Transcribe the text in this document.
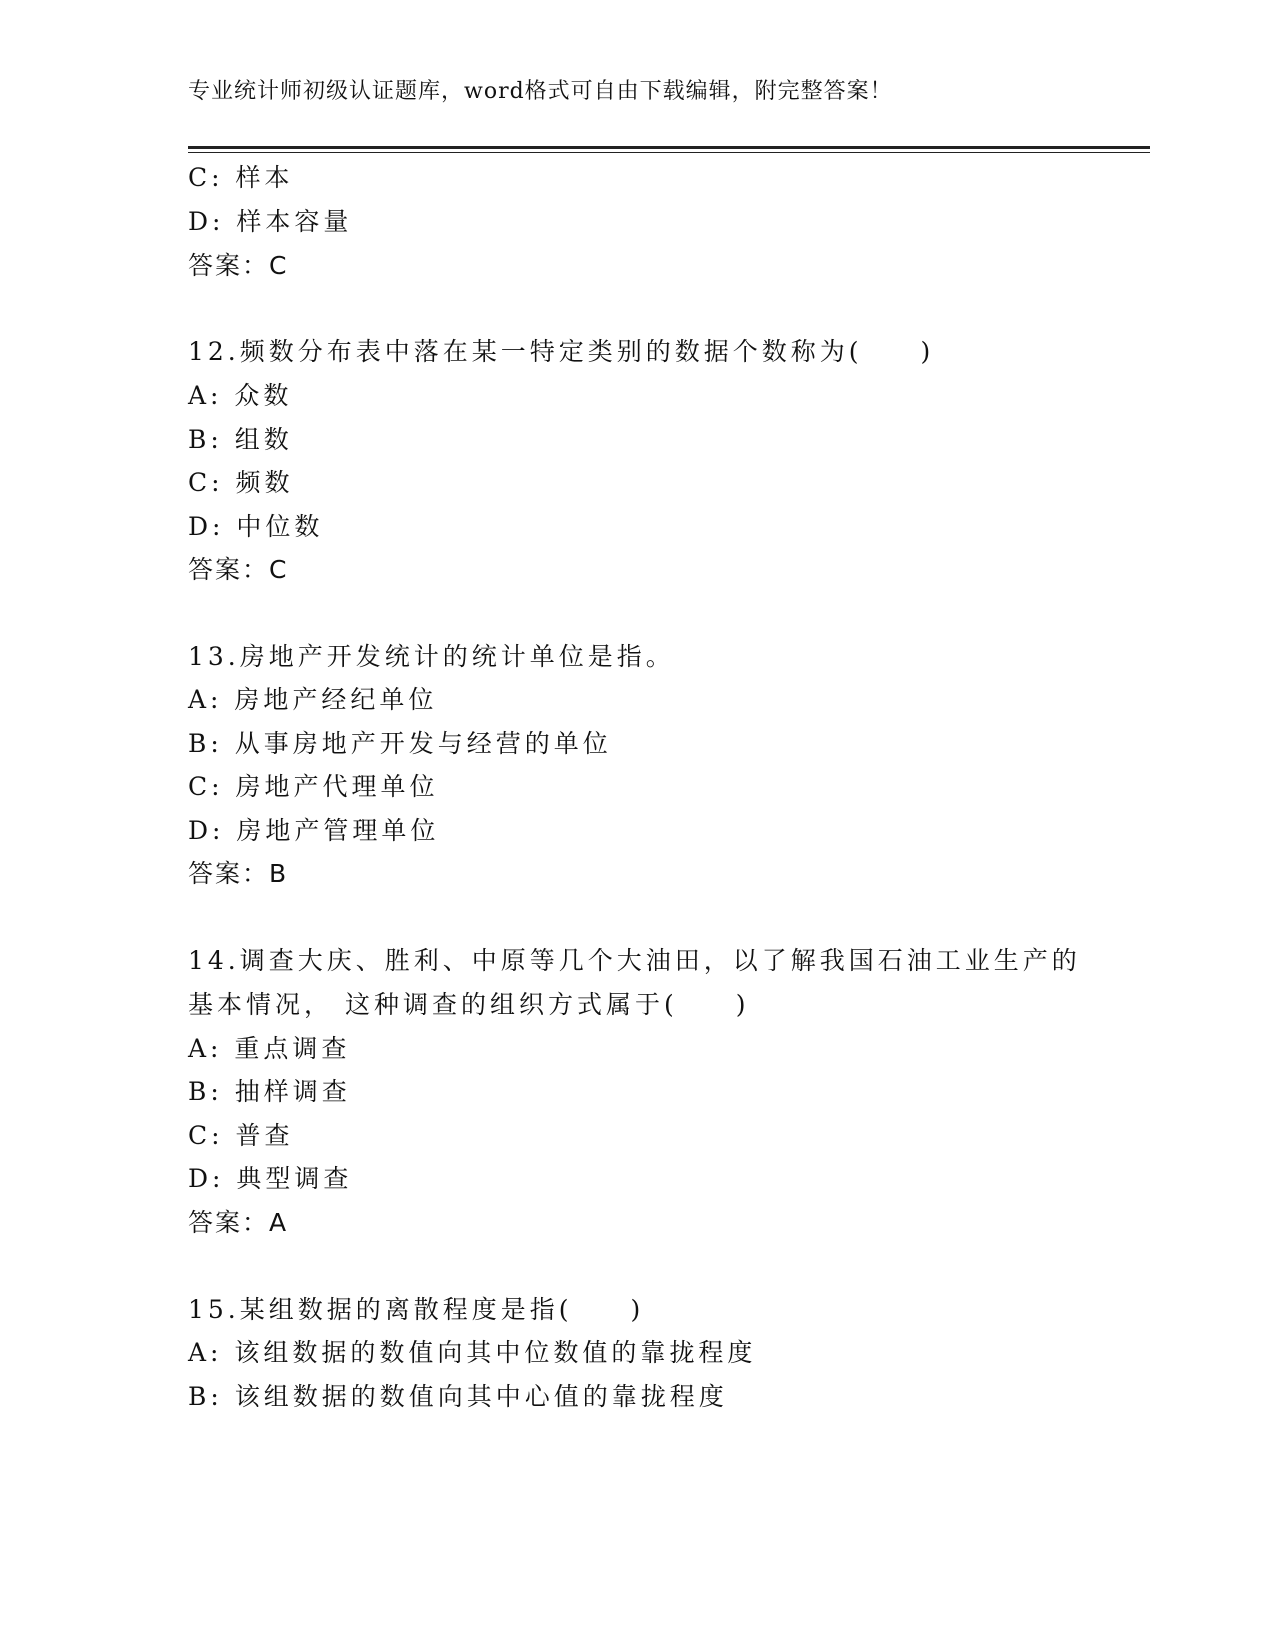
专业统计师初级认证题库，word格式可自由下载编辑，附完整答案！
C: 样本
D: 样本容量
答案：C
12.频数分布表中落在某一特定类别的数据个数称为(　　)
A: 众数
B: 组数
C: 频数
D: 中位数
答案：C
13.房地产开发统计的统计单位是指。
A: 房地产经纪单位
B: 从事房地产开发与经营的单位
C: 房地产代理单位
D: 房地产管理单位
答案：B
14.调查大庆、胜利、中原等几个大油田，以了解我国石油工业生产的
基本情况， 这种调查的组织方式属于(　　)
A: 重点调查
B: 抽样调查
C: 普查
D: 典型调查
答案：A
15.某组数据的离散程度是指(　　)
A: 该组数据的数值向其中位数值的靠拢程度
B: 该组数据的数值向其中心值的靠拢程度
